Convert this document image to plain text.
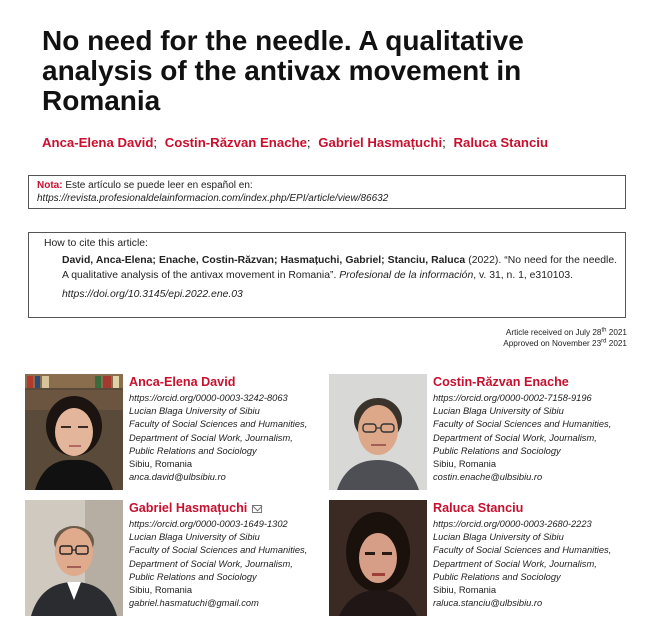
No need for the needle. A qualitative analysis of the antivax movement in Romania
Anca-Elena David; Costin-Răzvan Enache; Gabriel Hasmațuchi; Raluca Stanciu
Nota: Este artículo se puede leer en español en:
https://revista.profesionaldelainformacion.com/index.php/EPI/article/view/86632
How to cite this article:
David, Anca-Elena; Enache, Costin-Răzvan; Hasmațuchi, Gabriel; Stanciu, Raluca (2022). “No need for the needle. A qualitative analysis of the antivax movement in Romania”. Profesional de la información, v. 31, n. 1, e310103.
https://doi.org/10.3145/epi.2022.ene.03
Article received on July 28th 2021
Approved on November 23rd 2021
Anca-Elena David
https://orcid.org/0000-0003-3242-8063
Lucian Blaga University of Sibiu
Faculty of Social Sciences and Humanities,
Department of Social Work, Journalism,
Public Relations and Sociology
Sibiu, Romania
anca.david@ulbsibiu.ro
Costin-Răzvan Enache
https://orcid.org/0000-0002-7158-9196
Lucian Blaga University of Sibiu
Faculty of Social Sciences and Humanities,
Department of Social Work, Journalism,
Public Relations and Sociology
Sibiu, Romania
costin.enache@ulbsibiu.ro
Gabriel Hasmațuchi
https://orcid.org/0000-0003-1649-1302
Lucian Blaga University of Sibiu
Faculty of Social Sciences and Humanities,
Department of Social Work, Journalism,
Public Relations and Sociology
Sibiu, Romania
gabriel.hasmatuchi@gmail.com
Raluca Stanciu
https://orcid.org/0000-0003-2680-2223
Lucian Blaga University of Sibiu
Faculty of Social Sciences and Humanities,
Department of Social Work, Journalism,
Public Relations and Sociology
Sibiu, Romania
raluca.stanciu@ulbsibiu.ro
